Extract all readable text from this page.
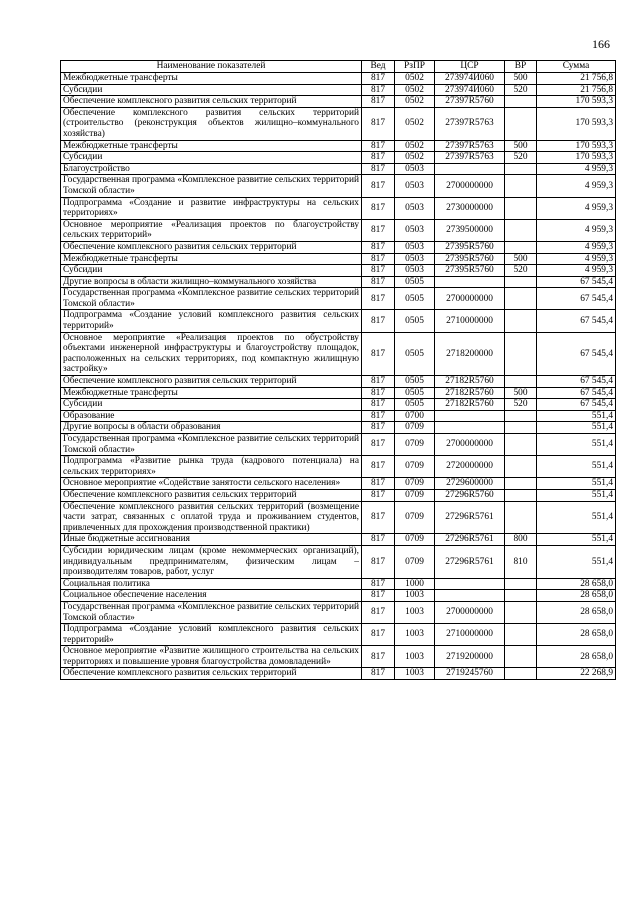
166
Наименование показателей	Вед	РзПР	ЦСР	ВР	Сумма
Межбюджетные трансферты	817	0502	273974И060	500	21 756,8
Субсидии	817	0502	273974И060	520	21 756,8
Обеспечение комплексного развития сельских территорий	817	0502	27397R5760		170 593,3
Обеспечение комплексного развития сельских территорий (строительство (реконструкция объектов жилищно–коммунального хозяйства)	817	0502	27397R5763		170 593,3
Межбюджетные трансферты	817	0502	27397R5763	500	170 593,3
Субсидии	817	0502	27397R5763	520	170 593,3
Благоустройство	817	0503			4 959,3
Государственная программа «Комплексное развитие сельских территорий Томской области»	817	0503	2700000000		4 959,3
Подпрограмма «Создание и развитие инфраструктуры на сельских территориях»	817	0503	2730000000		4 959,3
Основное мероприятие «Реализация проектов по благоустройству сельских территорий»	817	0503	2739500000		4 959,3
Обеспечение комплексного развития сельских территорий	817	0503	27395R5760		4 959,3
Межбюджетные трансферты	817	0503	27395R5760	500	4 959,3
Субсидии	817	0503	27395R5760	520	4 959,3
Другие вопросы в области жилищно–коммунального хозяйства	817	0505			67 545,4
Государственная программа «Комплексное развитие сельских территорий Томской области»	817	0505	2700000000		67 545,4
Подпрограмма «Создание условий комплексного развития сельских территорий»	817	0505	2710000000		67 545,4
Основное мероприятие «Реализация проектов по обустройству объектами инженерной инфраструктуры и благоустройству площадок, расположенных на сельских территориях, под компактную жилищную застройку»	817	0505	2718200000		67 545,4
Обеспечение комплексного развития сельских территорий	817	0505	27182R5760		67 545,4
Межбюджетные трансферты	817	0505	27182R5760	500	67 545,4
Субсидии	817	0505	27182R5760	520	67 545,4
Образование	817	0700			551,4
Другие вопросы в области образования	817	0709			551,4
Государственная программа «Комплексное развитие сельских территорий Томской области»	817	0709	2700000000		551,4
Подпрограмма «Развитие рынка труда (кадрового потенциала) на сельских территориях»	817	0709	2720000000		551,4
Основное мероприятие «Содействие занятости сельского населения»	817	0709	2729600000		551,4
Обеспечение комплексного развития сельских территорий	817	0709	27296R5760		551,4
Обеспечение комплексного развития сельских территорий (возмещение части затрат, связанных с оплатой труда и проживанием студентов, привлеченных для прохождения производственной практики)	817	0709	27296R5761		551,4
Иные бюджетные ассигнования	817	0709	27296R5761	800	551,4
Субсидии юридическим лицам (кроме некоммерческих организаций), индивидуальным предпринимателям, физическим лицам – производителям товаров, работ, услуг	817	0709	27296R5761	810	551,4
Социальная политика	817	1000			28 658,0
Социальное обеспечение населения	817	1003			28 658,0
Государственная программа «Комплексное развитие сельских территорий Томской области»	817	1003	2700000000		28 658,0
Подпрограмма «Создание условий комплексного развития сельских территорий»	817	1003	2710000000		28 658,0
Основное мероприятие «Развитие жилищного строительства на сельских территориях и повышение уровня благоустройства домовладений»	817	1003	2719200000		28 658,0
Обеспечение комплексного развития сельских территорий	817	1003	2719245760		22 268,9
